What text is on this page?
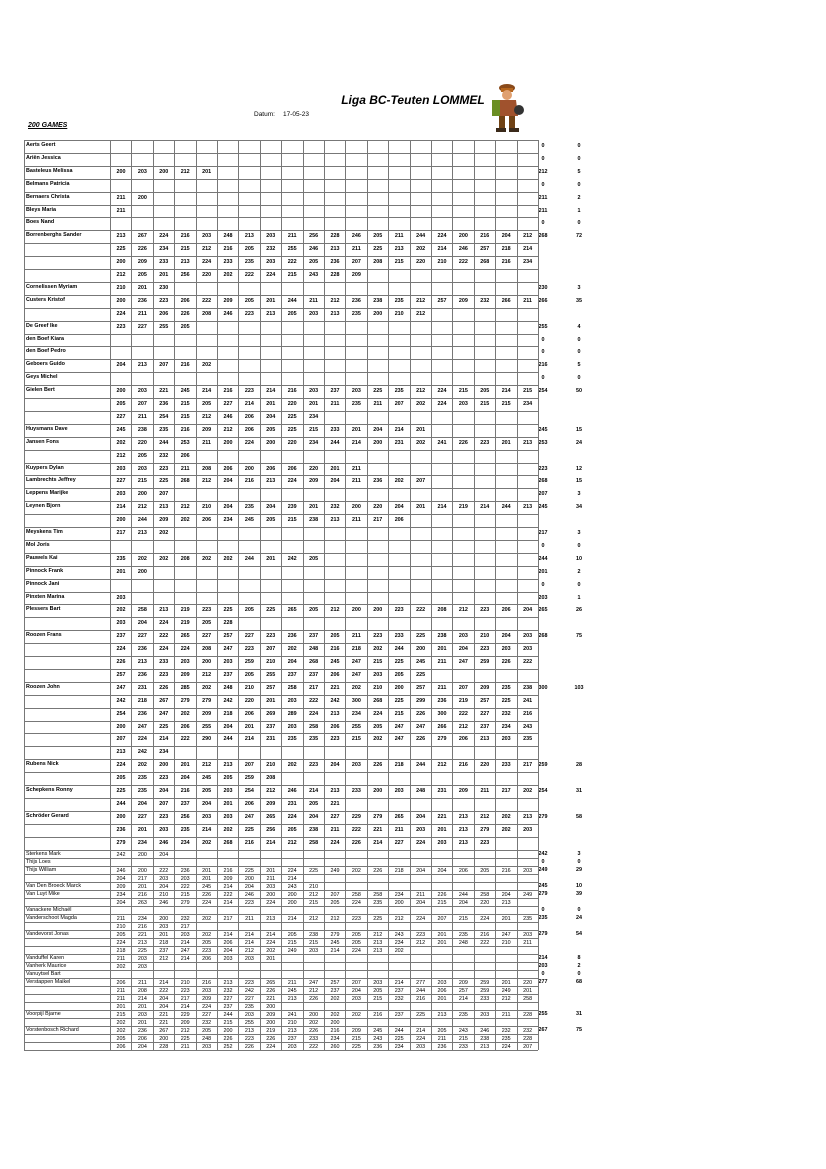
Liga BC-Teuten LOMMEL
Datum: 17-05-23
200 GAMES
Aerts Geert	0	0
Ariën Jessica	0	0
Basteleus Melissa	212	5
200	203	200	212	201
Belmans Patricia	0	0
Bernaers Christa	211	2
211	200
Bleys Maria	211	1
211
Boes Nand	0	0
Borrenberghs Sander	268	72
213	267	224	216	203	248	213	203	211	256	228	246	205	211	244	224	200	216	204	212
225	226	234	215	212	216	205	232	255	246	213	211	225	213	202	214	246	257	218	214
200	209	233	213	224	233	235	203	222	205	236	207	208	215	220	210	222	268	216	234
212	205	201	256	220	202	222	224	215	243	228	209
Cornelissen Myriam	230	3
210	201	230
Custers Kristof	266	35
200	236	223	206	222	209	205	201	244	211	212	236	238	235	212	257	209	232	266	211
224	211	206	226	208	246	223	213	205	203	213	235	200	210	212
De Greef Ike	255	4
223	227	255	205
den Boef Kiara	0	0
den Boef Pedro	0	0
Geboers Guido	216	5
204	213	207	216	202
Geys Michel	0	0
Gielen Bert	254	50
200	203	221	245	214	216	223	214	216	203	237	203	225	235	212	224	215	205	214	215
205	207	236	215	205	227	214	201	220	201	211	235	211	207	202	224	203	215	215	234
227	211	254	215	212	246	206	204	225	234
Huysmans Dave	245	15
245	238	235	216	209	212	206	205	225	215	233	201	204	214	201
Jansen Fons	253	24
202	220	244	253	211	200	224	200	220	234	244	214	200	231	202	241	226	223	201	213
212	205	232	206
Kuypers Dylan	223	12
203	203	223	211	208	206	200	206	206	220	201	211
Lambrechts Jeffrey	268	15
227	215	225	268	212	204	216	213	224	209	204	211	236	202	207
Leppens Marijke	207	3
203	200	207
Leynen Bjorn	245	34
214	212	213	212	210	204	235	204	239	201	232	200	220	204	201	214	219	214	244	213
200	244	209	202	206	234	245	205	215	238	213	211	217	206
Meyskens Tim	217	3
217	213	202
Mol Joris	0	0
Pauwels Kai	244	10
235	202	202	208	202	202	244	201	242	205
Pinnock Frank	201	2
201	200
Pinnock Jani	0	0
Pinxten Marina	203	1
203
Plessers Bart	265	26
202	258	213	219	223	225	205	225	265	205	212	200	200	223	222	208	212	223	206	204
203	204	224	219	205	228
Roozen Frans	268	75
237	227	222	265	227	257	227	223	236	237	205	211	223	233	225	238	203	210	204	203
224	236	224	224	208	247	223	207	202	248	216	218	202	244	200	201	204	223	203	203
226	213	233	203	200	203	259	210	204	268	245	247	215	225	245	211	247	259	226	222
257	236	223	209	212	237	205	255	237	237	206	247	203	205	225
Roozen John	300	103
247	231	226	285	202	248	210	257	258	217	221	202	210	200	257	211	207	209	235	238
242	218	267	279	279	242	220	201	203	222	242	300	268	225	299	236	219	257	225	241
254	236	247	202	209	218	206	269	289	224	213	234	224	215	226	300	222	227	232	216
200	247	225	206	255	204	201	237	203	258	206	255	205	247	247	266	212	237	234	243
207	224	214	222	290	244	214	231	235	235	223	215	202	247	226	279	206	213	203	235
213	242	234
Rubens Nick	259	28
224	202	200	201	212	213	207	210	202	223	204	203	226	218	244	212	216	220	233	217
205	235	223	204	245	205	259	208
Schepkens Ronny	254	31
225	235	204	216	205	203	254	212	246	214	213	233	200	203	248	231	209	211	217	202
244	204	207	237	204	201	206	209	231	205	221
Schröder Gerard	279	58
200	227	223	256	203	203	247	265	224	204	227	229	279	265	204	221	213	212	202	213
236	201	203	235	214	202	225	256	205	238	211	222	221	211	203	201	213	279	202	203
279	234	246	234	202	268	216	214	212	258	224	226	214	227	224	203	213	223
Sterkens Mark	242	3
242	200	204
Thijs Loes	0	0
Thijs William	249	29
246	200	222	236	201	216	225	201	224	225	249	202	226	218	204	204	206	205	216	203
204	217	203	203	201	209	200	211	214
Van Den Broeck Marck	245	10
209	201	204	222	245	214	204	203	243	210
Van Luyt Mike	279	39
234	216	210	215	226	222	246	200	200	212	207	258	258	234	211	226	244	258	204	249
204	263	246	279	224	214	223	224	200	215	205	224	235	200	204	215	204	220	213
Vanackere Michaël	0	0
Vanderschoot Magda	235	24
211	234	200	232	202	217	211	213	214	212	212	223	225	212	224	207	215	224	201	235
210	216	203	217
Vandevorst Jonas	279	54
205	221	201	203	202	214	214	214	205	238	279	205	212	243	223	201	235	216	247	203
224	213	218	214	205	206	214	224	215	215	245	205	213	234	212	201	248	222	210	211
218	225	237	247	223	204	212	202	249	203	214	224	213	202
Vanduffel Karen	214	8
211	203	212	214	206	203	203	201
Vanherk Maurice	203	2
202	203
Vanuytsel Bart	0	0
Verstappen Maikel	277	68
206	211	214	210	216	213	223	265	211	247	257	207	203	214	277	203	209	259	201	220
211	208	222	223	203	232	242	226	245	212	237	204	205	237	244	206	257	259	249	201
211	214	204	217	209	227	227	221	213	226	202	203	215	232	216	201	214	233	212	258
201	201	204	214	224	237	235	200
Voorpijl Bjarne	255	31
215	203	221	229	227	244	203	209	241	200	202	202	216	237	225	213	235	203	211	228
202	201	221	209	232	215	255	200	210	202	200
Vorstenbosch Richard	267	75
202	236	267	212	205	200	213	219	213	226	216	209	245	244	214	205	243	246	232	232
205	206	200	225	248	226	223	226	237	233	234	215	243	225	224	211	215	238	235	228
206	204	228	211	203	252	226	224	203	222	260	225	236	234	203	236	233	213	224	207
